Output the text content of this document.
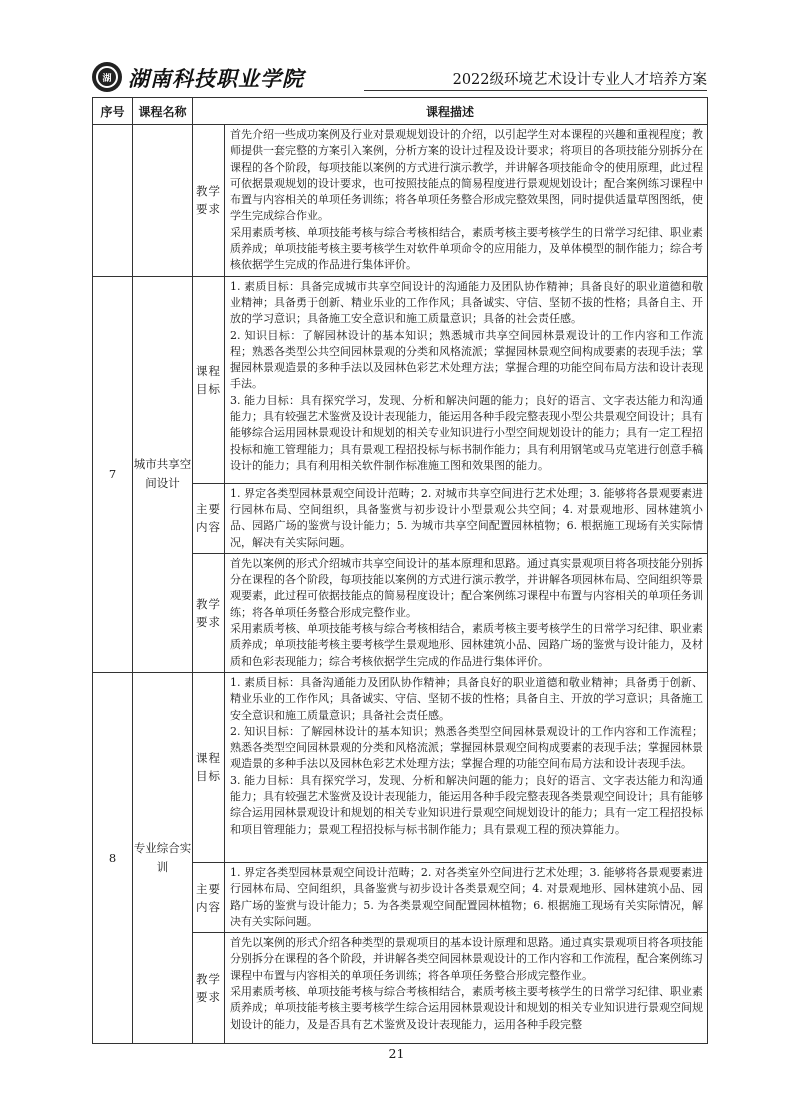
湖 湖南科技职业学院	2022级环境艺术设计专业人才培养方案
序号	课程名称	课程描述	
		教学要求	首先介绍一些成功案例及行业对景观规划设计的介绍，以引起学生对本课程的兴趣和重视程度；教师提供一套完整的方案引入案例，分析方案的设计过程及设计要求；将项目的各项技能分别拆分在课程的各个阶段，每项技能以案例的方式进行演示教学，并讲解各项技能命令的使用原理，此过程可依据景观规划的设计要求，也可按照技能点的简易程度进行景观规划设计；配合案例练习课程中布置与内容相关的单项任务训练；将各单项任务整合形成完整效果图，同时提供适量草图图纸，使学生完成综合作业。

采用素质考核、单项技能考核与综合考核相结合，素质考核主要考核学生的日常学习纪律、职业素质养成；单项技能考核主要考核学生对软件单项命令的应用能力，及单体模型的制作能力；综合考核依据学生完成的作品进行集体评价。

7	城市共享空间设计	课程目标	1. 素质目标：具备完成城市共享空间设计的沟通能力及团队协作精神；具备良好的职业道德和敬业精神；具备勇于创新、精业乐业的工作作风；具备诚实、守信、坚韧不拔的性格；具备自主、开放的学习意识；具备施工安全意识和施工质量意识；具备的社会责任感。

2. 知识目标：了解园林设计的基本知识；熟悉城市共享空间园林景观设计的工作内容和工作流程；熟悉各类型公共空间园林景观的分类和风格流派；掌握园林景观空间构成要素的表现手法；掌握园林景观造景的多种手法以及园林色彩艺术处理方法；掌握合理的功能空间布局方法和设计表现手法。

3. 能力目标：具有探究学习，发现、分析和解决问题的能力；良好的语言、文字表达能力和沟通能力；具有较强艺术鉴赏及设计表现能力，能运用各种手段完整表现小型公共景观空间设计；具有能够综合运用园林景观设计和规划的相关专业知识进行小型空间规划设计的能力；具有一定工程招投标和施工管理能力；具有景观工程招投标与标书制作能力；具有利用钢笔或马克笔进行创意手稿设计的能力；具有利用相关软件制作标准施工图和效果图的能力。

		主要内容	1. 界定各类型园林景观空间设计范畴；2. 对城市共享空间进行艺术处理；3. 能够将各景观要素进行园林布局、空间组织，具备鉴赏与初步设计小型景观公共空间；4. 对景观地形、园林建筑小品、园路广场的鉴赏与设计能力；5. 为城市共享空间配置园林植物；6. 根据施工现场有关实际情况，解决有关实际问题。

		教学要求	首先以案例的形式介绍城市共享空间设计的基本原理和思路。通过真实景观项目将各项技能分别拆分在课程的各个阶段，每项技能以案例的方式进行演示教学，并讲解各项园林布局、空间组织等景观要素，此过程可依据技能点的简易程度设计；配合案例练习课程中布置与内容相关的单项任务训练；将各单项任务整合形成完整作业。

采用素质考核、单项技能考核与综合考核相结合，素质考核主要考核学生的日常学习纪律、职业素质养成；单项技能考核主要考核学生景观地形、园林建筑小品、园路广场的鉴赏与设计能力，及材质和色彩表现能力；综合考核依据学生完成的作品进行集体评价。

8	专业综合实训	课程目标	1. 素质目标：具备沟通能力及团队协作精神；具备良好的职业道德和敬业精神；具备勇于创新、精业乐业的工作作风；具备诚实、守信、坚韧不拔的性格；具备自主、开放的学习意识；具备施工安全意识和施工质量意识；具备社会责任感。

2. 知识目标：了解园林设计的基本知识；熟悉各类型空间园林景观设计的工作内容和工作流程；熟悉各类型空间园林景观的分类和风格流派；掌握园林景观空间构成要素的表现手法；掌握园林景观造景的多种手法以及园林色彩艺术处理方法；掌握合理的功能空间布局方法和设计表现手法。

3. 能力目标：具有探究学习，发现、分析和解决问题的能力；良好的语言、文字表达能力和沟通能力；具有较强艺术鉴赏及设计表现能力，能运用各种手段完整表现各类景观空间设计；具有能够综合运用园林景观设计和规划的相关专业知识进行景观空间规划设计的能力；具有一定工程招投标和项目管理能力；景观工程招投标与标书制作能力；具有景观工程的预决算能力。

		主要内容	1. 界定各类型园林景观空间设计范畴；2. 对各类室外空间进行艺术处理；3. 能够将各景观要素进行园林布局、空间组织，具备鉴赏与初步设计各类景观空间；4. 对景观地形、园林建筑小品、园路广场的鉴赏与设计能力；5. 为各类景观空间配置园林植物；6. 根据施工现场有关实际情况，解决有关实际问题。

		教学要求	首先以案例的形式介绍各种类型的景观项目的基本设计原理和思路。通过真实景观项目将各项技能分别拆分在课程的各个阶段，并讲解各类空间园林景观设计的工作内容和工作流程，配合案例练习课程中布置与内容相关的单项任务训练；将各单项任务整合形成完整作业。

采用素质考核、单项技能考核与综合考核相结合，素质考核主要考核学生的日常学习纪律、职业素质养成；单项技能考核主要考核学生综合运用园林景观设计和规划的相关专业知识进行景观空间规划设计的能力，及是否具有艺术鉴赏及设计表现能力，运用各种手段完整

21
